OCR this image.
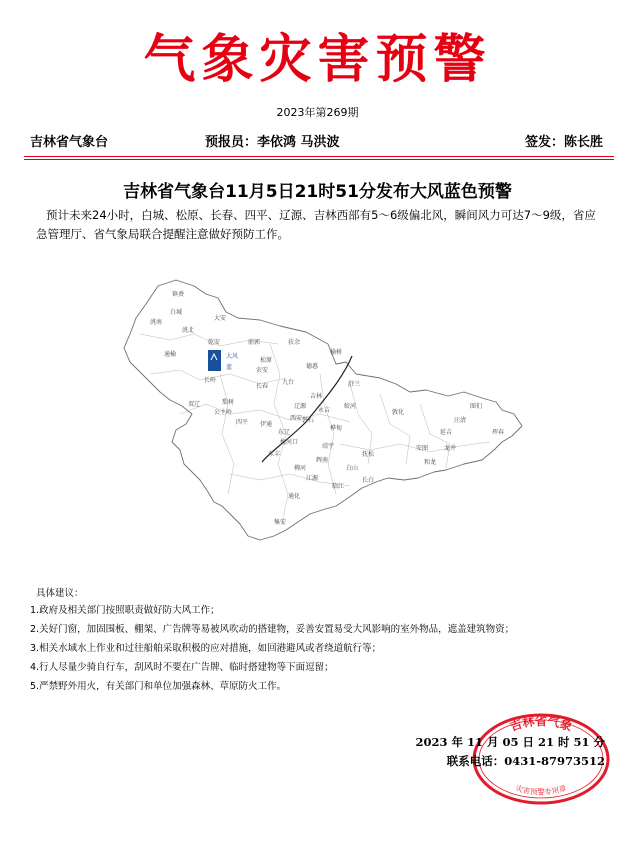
气象灾害预警
2023年第269期
吉林省气象台	预报员：李依鸿 马洪波	签发：陈长胜
吉林省气象台11月5日21时51分发布大风蓝色预警
预计未来24小时，白城、松原、长春、四平、辽源、吉林西部有5～6级偏北风，瞬间风力可达7～9级，省应急管理厅、省气象局联合提醒注意做好预防工作。
大风
蓝
镇赉
洮南
洮北
大安
乾安	前郭	扶余
长岭
松原
通榆
双辽
公主岭
长春
农安
德惠
榆树
舒兰
九台
吉林
蛟河
敦化
安图
和龙
龙井
延吉
汪清
珲春
图们
梨树
伊通
东丰
辉南
柳河
通化
集安
临江
长白
抚松
靖宇
江源
梅河口
磐石
桦甸
永吉
东辽
西安
白山
辽源
四平
白城
具体建议：
1.政府及相关部门按照职责做好防大风工作；
2.关好门窗，加固围板、棚架、广告牌等易被风吹动的搭建物，妥善安置易受大风影响的室外物品，遮盖建筑物资；
3.相关水域水上作业和过往船舶采取积极的应对措施，如回港避风或者绕道航行等；
4.行人尽量少骑自行车，刮风时不要在广告牌、临时搭建物等下面逗留；
5.严禁野外用火，有关部门和单位加强森林、草原防火工作。
吉林省气象
灾害预警专用章
2023 年 11 月 05 日 21 时 51 分
联系电话：0431-87973512
